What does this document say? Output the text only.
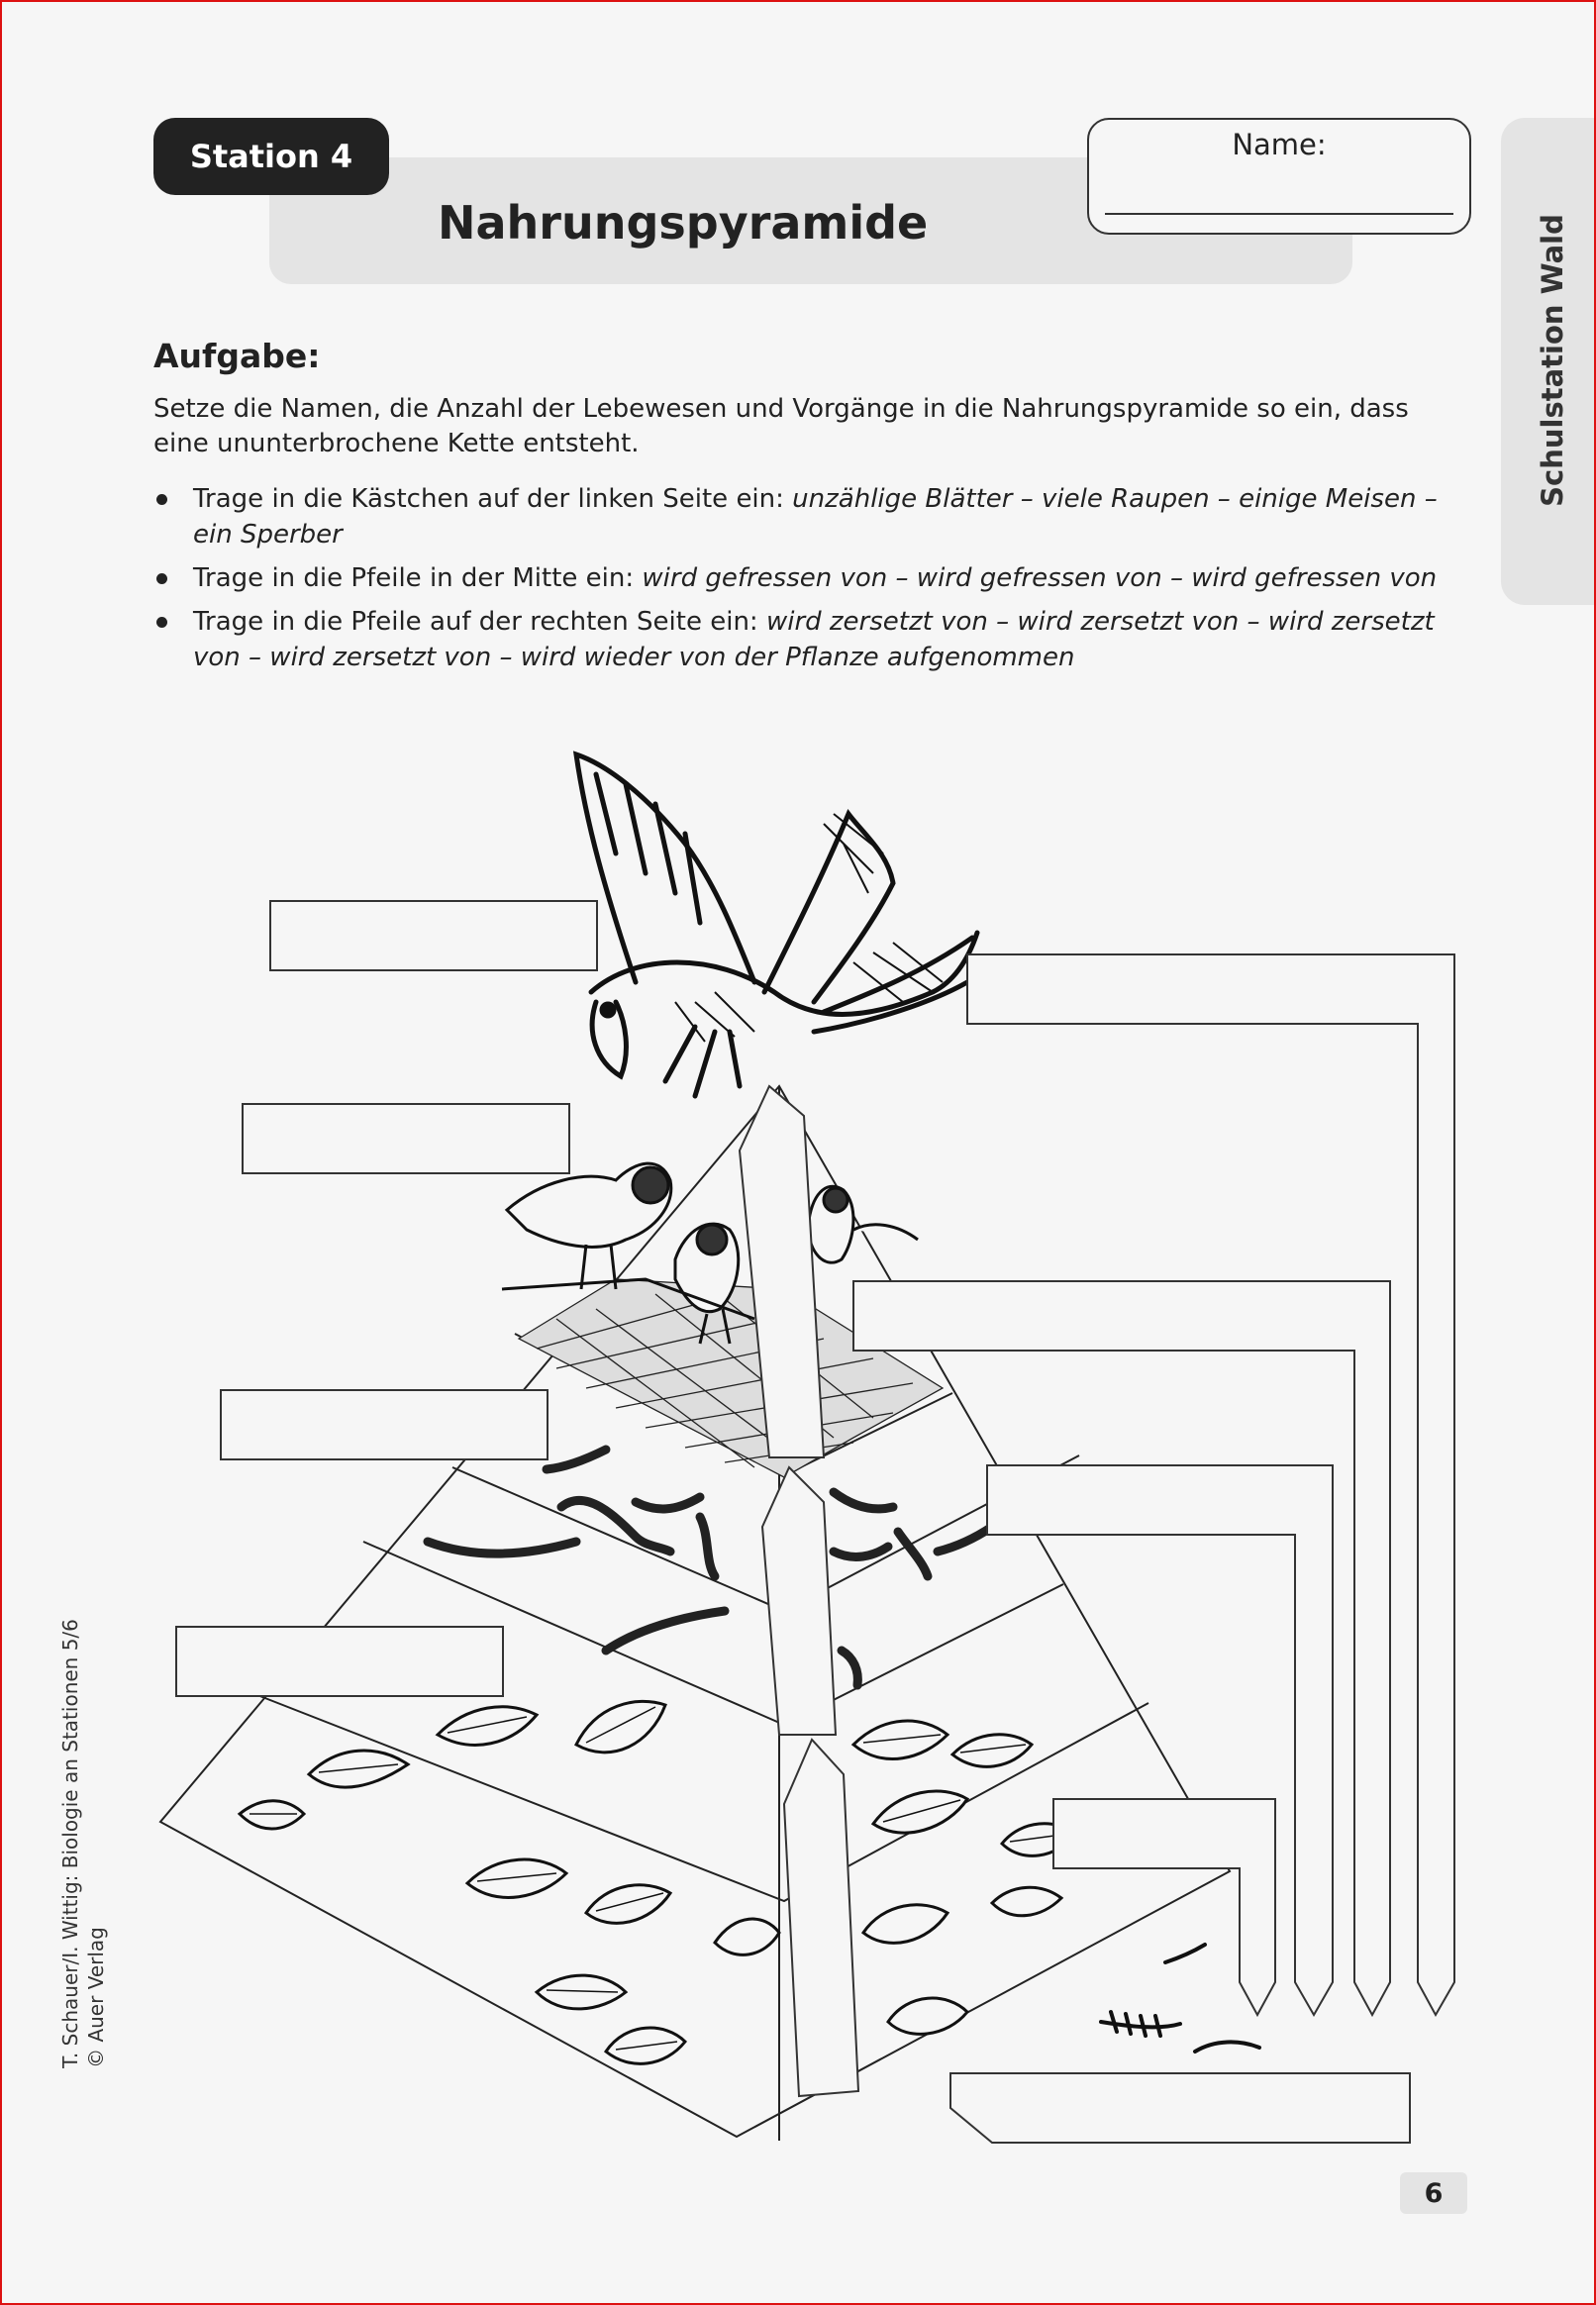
Station 4
Nahrungspyramide
Name:
Schulstation Wald
Aufgabe:
Setze die Namen, die Anzahl der Lebewesen und Vorgänge in die Nahrungspyramide so ein, dass eine ununterbrochene Kette entsteht.
Trage in die Kästchen auf der linken Seite ein: unzählige Blätter – viele Raupen – einige Meisen – ein Sperber
Trage in die Pfeile in der Mitte ein: wird gefressen von – wird gefressen von – wird gefressen von
Trage in die Pfeile auf der rechten Seite ein: wird zersetzt von – wird zersetzt von – wird zersetzt von – wird zersetzt von – wird wieder von der Pflanze aufgenommen
T. Schauer/I. Wittig: Biologie an Stationen 5/6 © Auer Verlag
6
